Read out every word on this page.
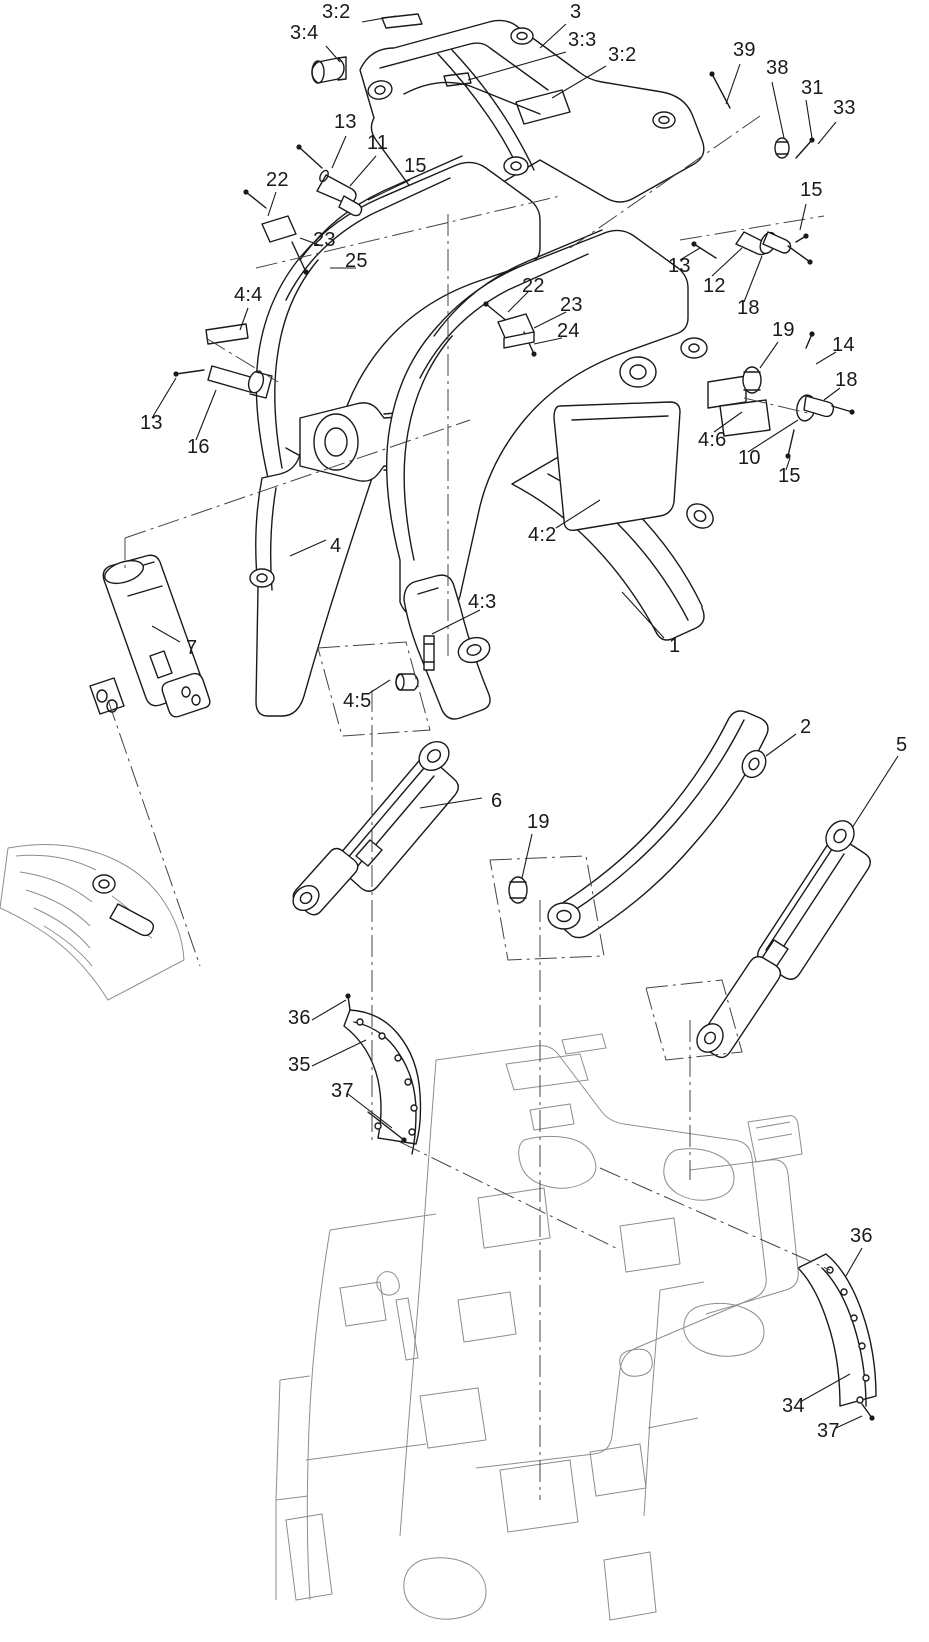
3:2	3
3:4	3:3
3:2	39
38
31
33
13
11
15
22	15
23
22
13
12
18
25
23
24	19
14
18
4:4
13
16	4:6
10
15
4:2
4
4:3
1
7
4:5
2
5
6
19
36
35
37
36
34
37
